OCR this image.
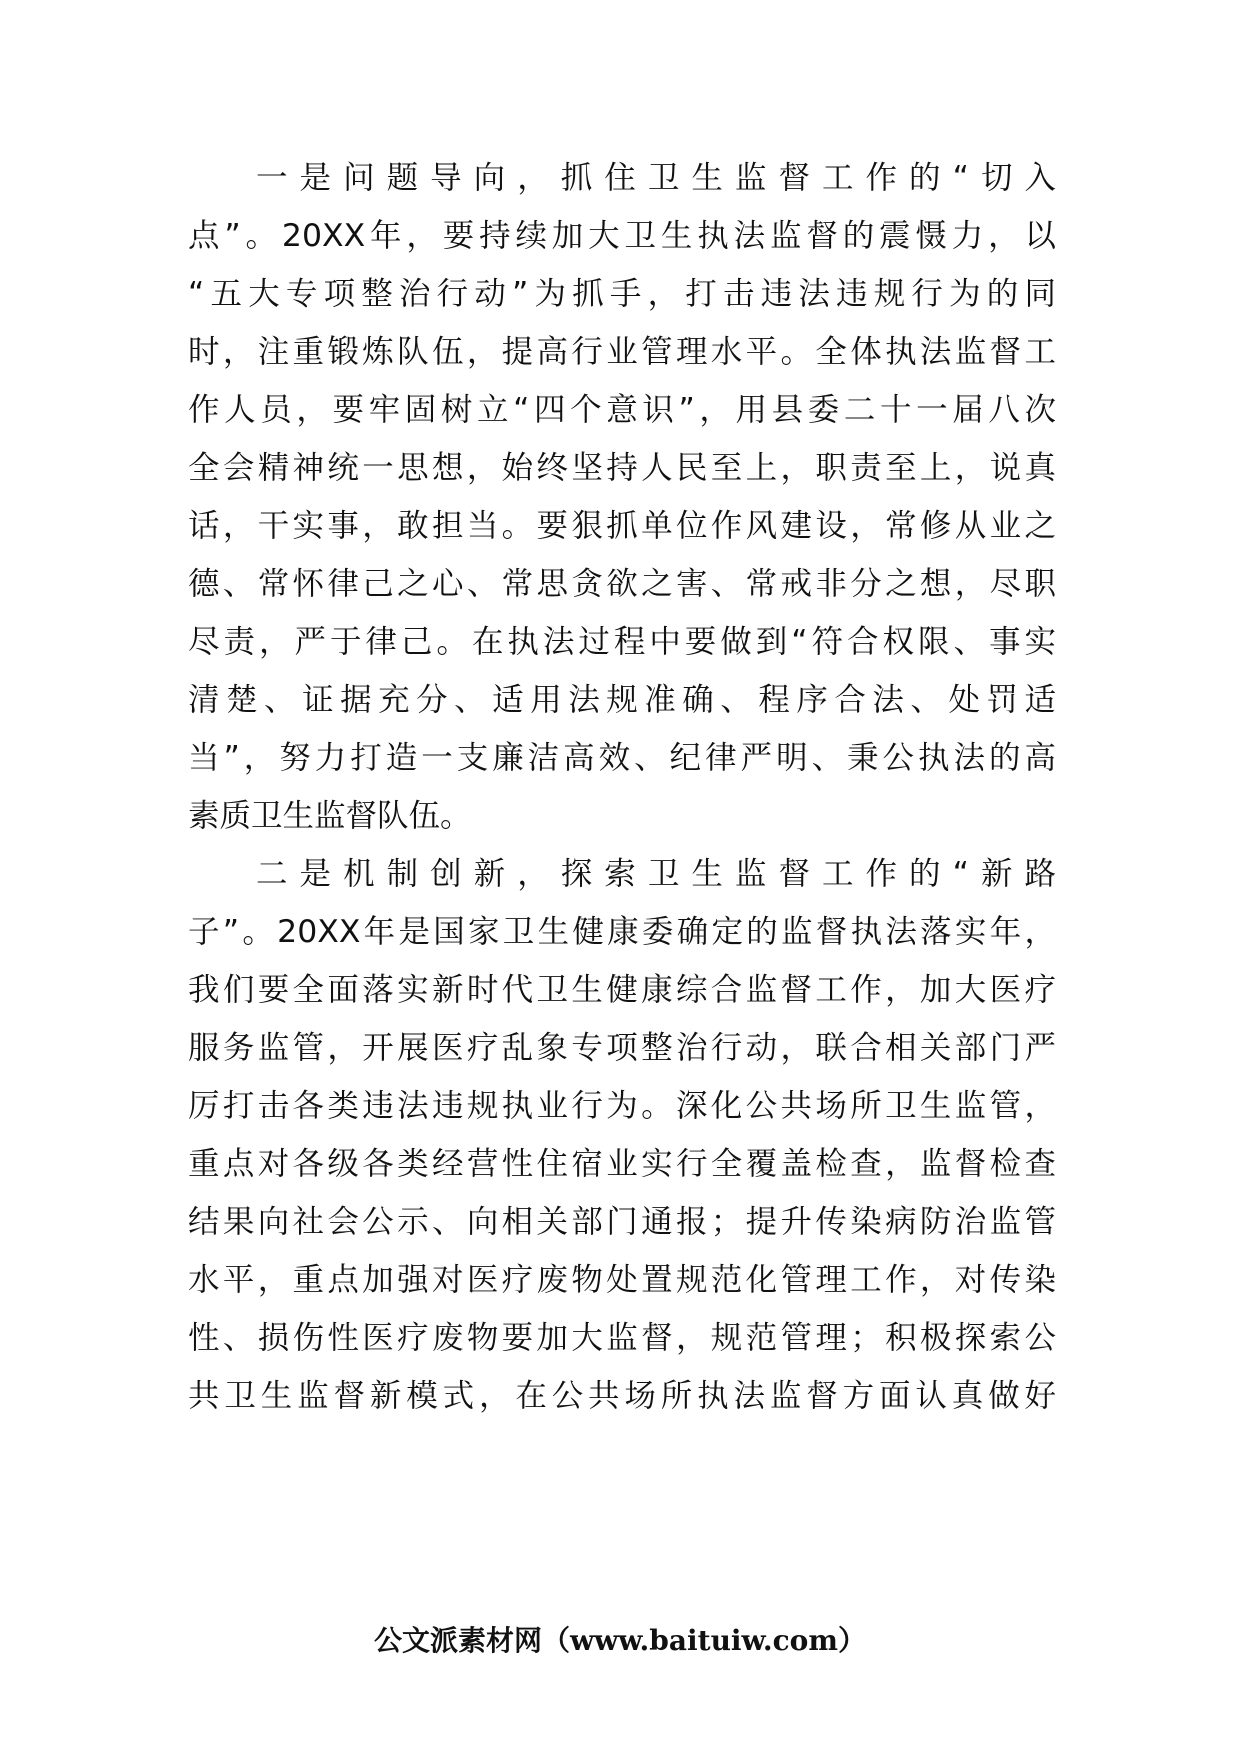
一是问题导向，抓住卫生监督工作的“切入
点”。20XX年，要持续加大卫生执法监督的震慑力，以
“五大专项整治行动”为抓手，打击违法违规行为的同
时，注重锻炼队伍，提高行业管理水平。全体执法监督工
作人员，要牢固树立“四个意识”，用县委二十一届八次
全会精神统一思想，始终坚持人民至上，职责至上，说真
话，干实事，敢担当。要狠抓单位作风建设，常修从业之
德、常怀律己之心、常思贪欲之害、常戒非分之想，尽职
尽责，严于律己。在执法过程中要做到“符合权限、事实
清楚、证据充分、适用法规准确、程序合法、处罚适
当”，努力打造一支廉洁高效、纪律严明、秉公执法的高
素质卫生监督队伍。
二是机制创新，探索卫生监督工作的“新路
子”。20XX年是国家卫生健康委确定的监督执法落实年，
我们要全面落实新时代卫生健康综合监督工作，加大医疗
服务监管，开展医疗乱象专项整治行动，联合相关部门严
厉打击各类违法违规执业行为。深化公共场所卫生监管，
重点对各级各类经营性住宿业实行全覆盖检查，监督检查
结果向社会公示、向相关部门通报；提升传染病防治监管
水平，重点加强对医疗废物处置规范化管理工作，对传染
性、损伤性医疗废物要加大监督，规范管理；积极探索公
共卫生监督新模式，在公共场所执法监督方面认真做好
公文派素材网（www.baituiw.com）
